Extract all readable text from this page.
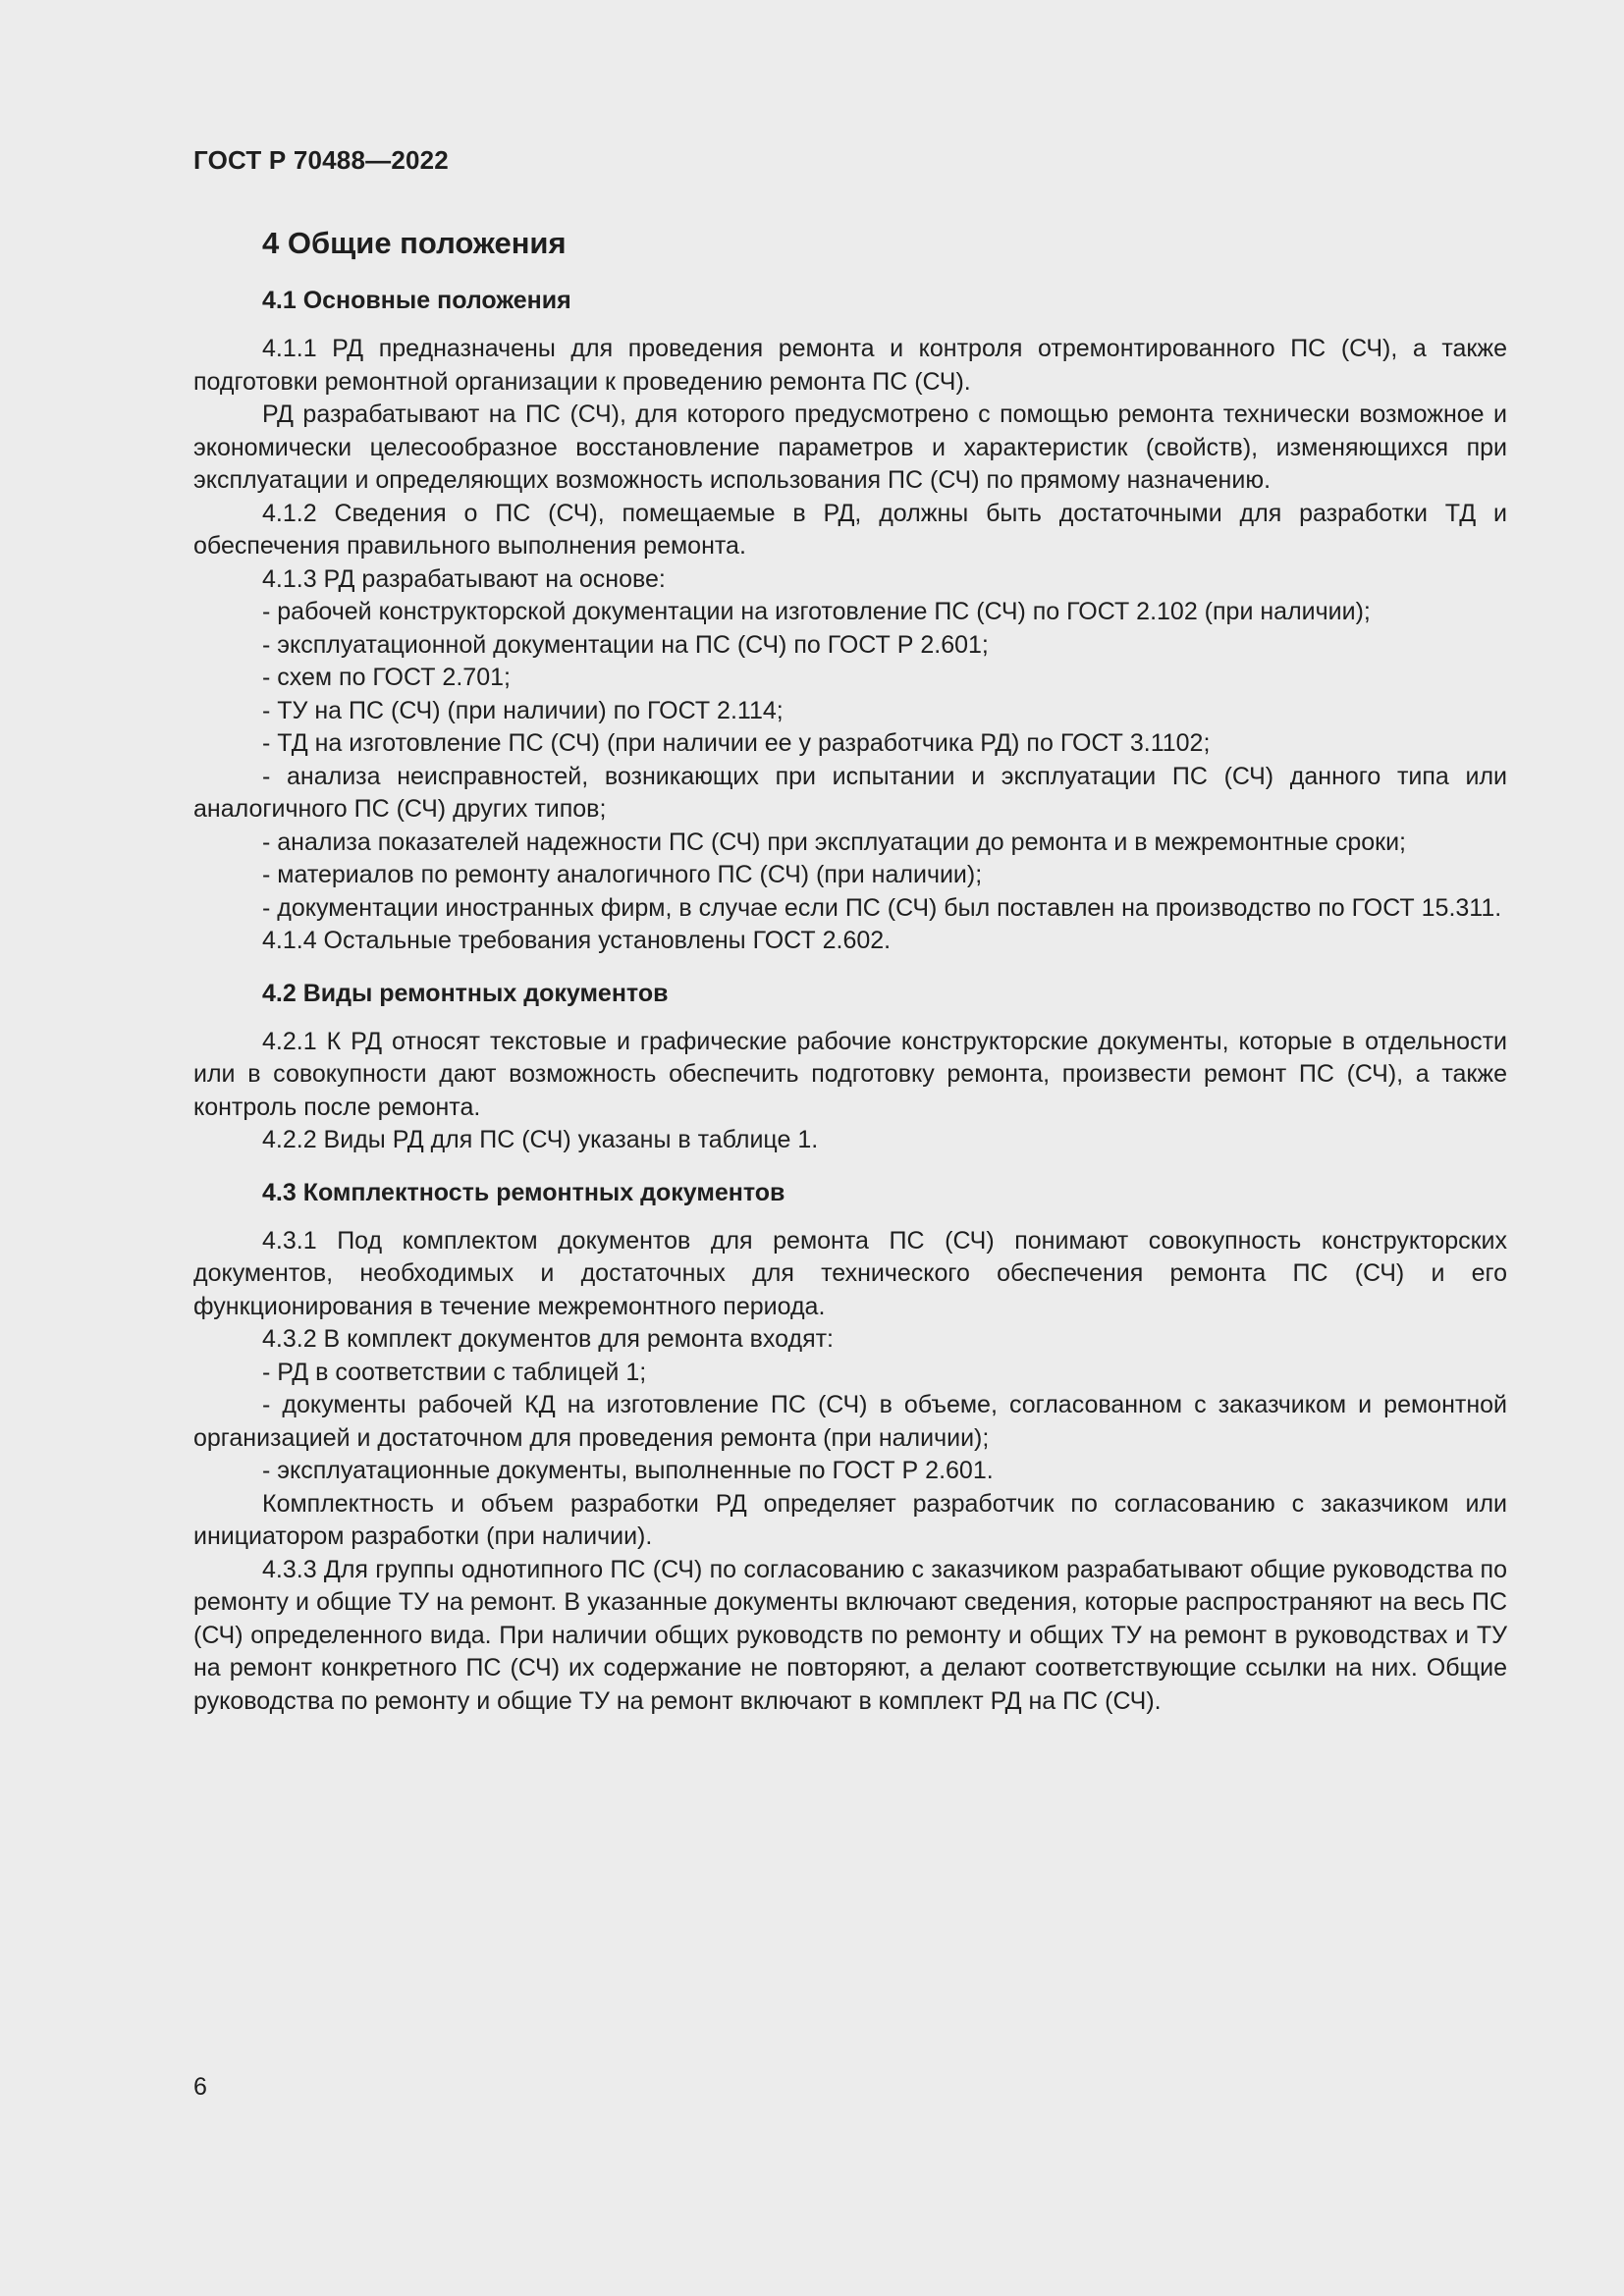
ГОСТ Р 70488—2022
4 Общие положения
4.1 Основные положения

4.1.1 РД предназначены для проведения ремонта и контроля отремонтированного ПС (СЧ), а также подготовки ремонтной организации к проведению ремонта ПС (СЧ).

РД разрабатывают на ПС (СЧ), для которого предусмотрено с помощью ремонта технически возможное и экономически целесообразное восстановление параметров и характеристик (свойств), изменяющихся при эксплуатации и определяющих возможность использования ПС (СЧ) по прямому назначению.

4.1.2 Сведения о ПС (СЧ), помещаемые в РД, должны быть достаточными для разработки ТД и обеспечения правильного выполнения ремонта.

4.1.3 РД разрабатывают на основе:

- рабочей конструкторской документации на изготовление ПС (СЧ) по ГОСТ 2.102 (при наличии);

- эксплуатационной документации на ПС (СЧ) по ГОСТ Р 2.601;

- схем по ГОСТ 2.701;

- ТУ на ПС (СЧ) (при наличии) по ГОСТ 2.114;

- ТД на изготовление ПС (СЧ) (при наличии ее у разработчика РД) по ГОСТ 3.1102;

- анализа неисправностей, возникающих при испытании и эксплуатации ПС (СЧ) данного типа или аналогичного ПС (СЧ) других типов;

- анализа показателей надежности ПС (СЧ) при эксплуатации до ремонта и в межремонтные сроки;

- материалов по ремонту аналогичного ПС (СЧ) (при наличии);

- документации иностранных фирм, в случае если ПС (СЧ) был поставлен на производство по ГОСТ 15.311.

4.1.4 Остальные требования установлены ГОСТ 2.602.

4.2 Виды ремонтных документов

4.2.1 К РД относят текстовые и графические рабочие конструкторские документы, которые в отдельности или в совокупности дают возможность обеспечить подготовку ремонта, произвести ремонт ПС (СЧ), а также контроль после ремонта.

4.2.2 Виды РД для ПС (СЧ) указаны в таблице 1.

4.3 Комплектность ремонтных документов

4.3.1 Под комплектом документов для ремонта ПС (СЧ) понимают совокупность конструкторских документов, необходимых и достаточных для технического обеспечения ремонта ПС (СЧ) и его функционирования в течение межремонтного периода.

4.3.2 В комплект документов для ремонта входят:

- РД в соответствии с таблицей 1;

- документы рабочей КД на изготовление ПС (СЧ) в объеме, согласованном с заказчиком и ремонтной организацией и достаточном для проведения ремонта (при наличии);

- эксплуатационные документы, выполненные по ГОСТ Р 2.601.

Комплектность и объем разработки РД определяет разработчик по согласованию с заказчиком или инициатором разработки (при наличии).

4.3.3 Для группы однотипного ПС (СЧ) по согласованию с заказчиком разрабатывают общие руководства по ремонту и общие ТУ на ремонт. В указанные документы включают сведения, которые распространяют на весь ПС (СЧ) определенного вида. При наличии общих руководств по ремонту и общих ТУ на ремонт в руководствах и ТУ на ремонт конкретного ПС (СЧ) их содержание не повторяют, а делают соответствующие ссылки на них. Общие руководства по ремонту и общие ТУ на ремонт включают в комплект РД на ПС (СЧ).

6
